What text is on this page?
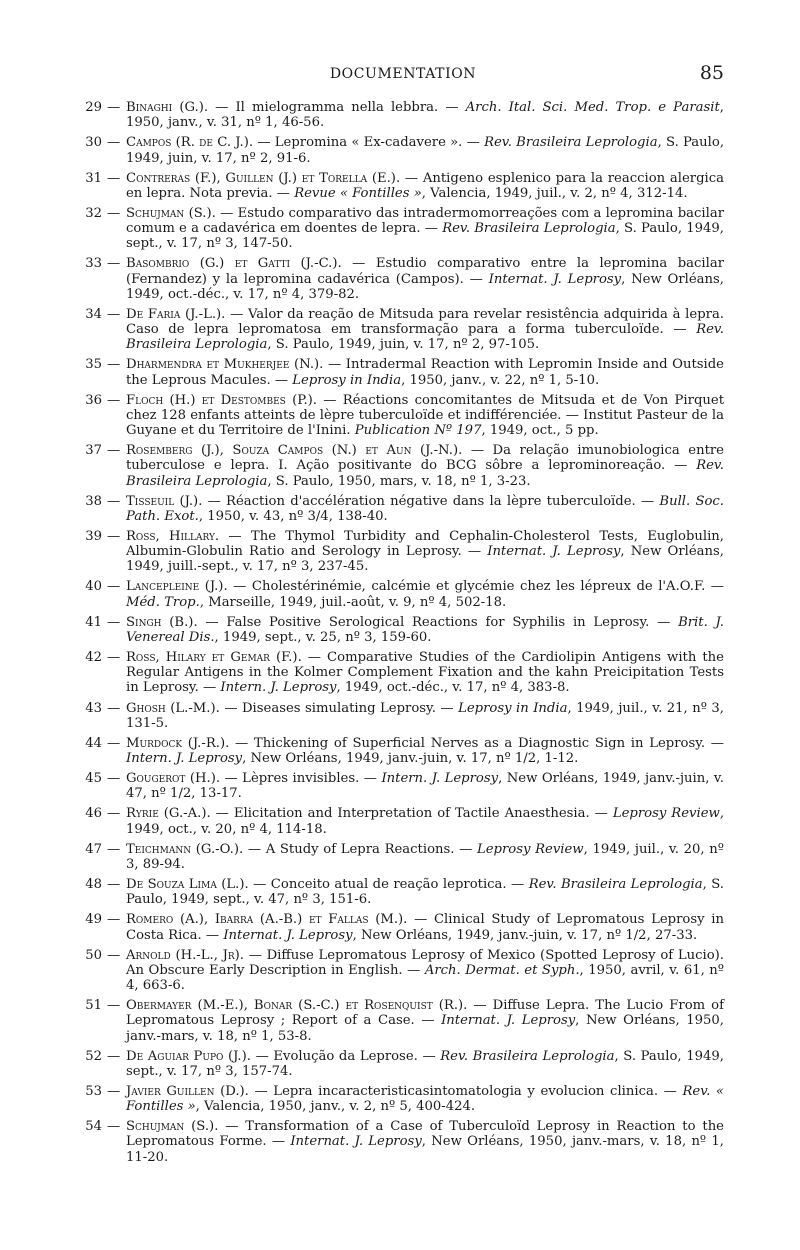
DOCUMENTATION	85
29 — Binaghi (G.). — Il mielogramma nella lebbra. — Arch. Ital. Sci. Med. Trop. e Parasit, 1950, janv., v. 31, nº 1, 46-56.
30 — Campos (R. de C. J.). — Lepromina « Ex-cadavere ». — Rev. Brasileira Leprologia, S. Paulo, 1949, juin, v. 17, nº 2, 91-6.
31 — Contreras (F.), Guillen (J.) et Torella (E.). — Antigeno esplenico para la reaccion alergica en lepra. Nota previa. — Revue « Fontilles », Valencia, 1949, juil., v. 2, nº 4, 312-14.
32 — Schujman (S.). — Estudo comparativo das intradermomorreações com a lepromina bacilar comum e a cadavérica em doentes de lepra. — Rev. Brasileira Leprologia, S. Paulo, 1949, sept., v. 17, nº 3, 147-50.
33 — Basombrio (G.) et Gatti (J.-C.). — Estudio comparativo entre la lepromina bacilar (Fernandez) y la lepromina cadavérica (Campos). — Internat. J. Leprosy, New Orléans, 1949, oct.-déc., v. 17, nº 4, 379-82.
34 — De Faria (J.-L.). — Valor da reação de Mitsuda para revelar resistência adquirida à lepra. Caso de lepra lepromatosa em transformação para a forma tuberculoïde. — Rev. Brasileira Leprologia, S. Paulo, 1949, juin, v. 17, nº 2, 97-105.
35 — Dharmendra et Mukherjee (N.). — Intradermal Reaction with Lepromin Inside and Outside the Leprous Macules. — Leprosy in India, 1950, janv., v. 22, nº 1, 5-10.
36 — Floch (H.) et Destombes (P.). — Réactions concomitantes de Mitsuda et de Von Pirquet chez 128 enfants atteints de lèpre tuberculoïde et indifférenciée. — Institut Pasteur de la Guyane et du Territoire de l'Inini. Publication Nº 197, 1949, oct., 5 pp.
37 — Rosemberg (J.), Souza Campos (N.) et Aun (J.-N.). — Da relação imunobiologica entre tuberculose e lepra. I. Ação positivante do BCG sôbre a leprominoreação. — Rev. Brasileira Leprologia, S. Paulo, 1950, mars, v. 18, nº 1, 3-23.
38 — Tisseuil (J.). — Réaction d'accélération négative dans la lèpre tuberculoïde. — Bull. Soc. Path. Exot., 1950, v. 43, nº 3/4, 138-40.
39 — Ross, Hillary. — The Thymol Turbidity and Cephalin-Cholesterol Tests, Euglobulin, Albumin-Globulin Ratio and Serology in Leprosy. — Internat. J. Leprosy, New Orléans, 1949, juill.-sept., v. 17, nº 3, 237-45.
40 — Lancepleine (J.). — Cholestérinémie, calcémie et glycémie chez les lépreux de l'A.O.F. — Méd. Trop., Marseille, 1949, juil.-août, v. 9, nº 4, 502-18.
41 — Singh (B.). — False Positive Serological Reactions for Syphilis in Leprosy. — Brit. J. Venereal Dis., 1949, sept., v. 25, nº 3, 159-60.
42 — Ross, Hilary et Gemar (F.). — Comparative Studies of the Cardiolipin Antigens with the Regular Antigens in the Kolmer Complement Fixation and the kahn Preicipitation Tests in Leprosy. — Intern. J. Leprosy, 1949, oct.-déc., v. 17, nº 4, 383-8.
43 — Ghosh (L.-M.). — Diseases simulating Leprosy. — Leprosy in India, 1949, juil., v. 21, nº 3, 131-5.
44 — Murdock (J.-R.). — Thickening of Superficial Nerves as a Diagnostic Sign in Leprosy. — Intern. J. Leprosy, New Orléans, 1949, janv.-juin, v. 17, nº 1/2, 1-12.
45 — Gougerot (H.). — Lèpres invisibles. — Intern. J. Leprosy, New Orléans, 1949, janv.-juin, v. 47, nº 1/2, 13-17.
46 — Ryrie (G.-A.). — Elicitation and Interpretation of Tactile Anaesthesia. — Leprosy Review, 1949, oct., v. 20, nº 4, 114-18.
47 — Teichmann (G.-O.). — A Study of Lepra Reactions. — Leprosy Review, 1949, juil., v. 20, nº 3, 89-94.
48 — De Souza Lima (L.). — Conceito atual de reação leprotica. — Rev. Brasileira Leprologia, S. Paulo, 1949, sept., v. 47, nº 3, 151-6.
49 — Romero (A.), Ibarra (A.-B.) et Fallas (M.). — Clinical Study of Lepromatous Leprosy in Costa Rica. — Internat. J. Leprosy, New Orléans, 1949, janv.-juin, v. 17, nº 1/2, 27-33.
50 — Arnold (H.-L., Jr). — Diffuse Lepromatous Leprosy of Mexico (Spotted Leprosy of Lucio). An Obscure Early Description in English. — Arch. Dermat. et Syph., 1950, avril, v. 61, nº 4, 663-6.
51 — Obermayer (M.-E.), Bonar (S.-C.) et Rosenquist (R.). — Diffuse Lepra. The Lucio From of Lepromatous Leprosy ; Report of a Case. — Internat. J. Leprosy, New Orléans, 1950, janv.-mars, v. 18, nº 1, 53-8.
52 — De Aguiar Pupo (J.). — Evolução da Leprose. — Rev. Brasileira Leprologia, S. Paulo, 1949, sept., v. 17, nº 3, 157-74.
53 — Javier Guillen (D.). — Lepra incaracteristicasintomatologia y evolucion clinica. — Rev. « Fontilles », Valencia, 1950, janv., v. 2, nº 5, 400-424.
54 — Schujman (S.). — Transformation of a Case of Tuberculoïd Leprosy in Reaction to the Lepromatous Forme. — Internat. J. Leprosy, New Orléans, 1950, janv.-mars, v. 18, nº 1, 11-20.
